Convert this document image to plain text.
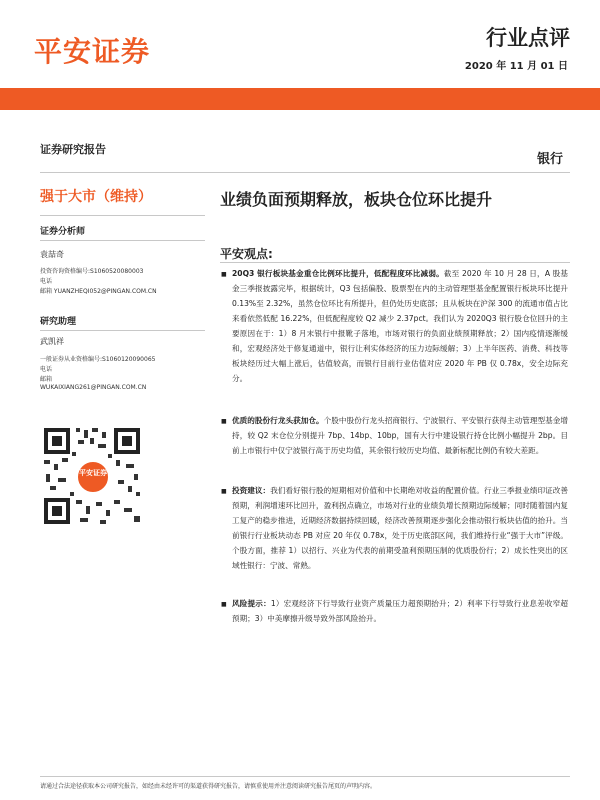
平安证券	行业点评
2020 年 11 月 01 日
证券研究报告
银行
强于大市（维持）	业绩负面预期释放，板块仓位环比提升
证券分析师
袁喆奇
投资咨询资格编号:S1060520080003
电话
邮箱 YUANZHEQI052@PINGAN.COM.CN
研究助理
武凯祥
一般证券从业资格编号:S1060120090065
电话
邮箱
WUKAIXIANG261@PINGAN.COM.CN
平安证券
平安观点:
■ 20Q3 银行板块基金重仓比例环比提升，低配程度环比减弱。截至 2020 年 10 月 28 日，A 股基金三季报披露完毕，根据统计，Q3 包括偏股、股票型在内的主动管理型基金配置银行板块环比提升 0.13%至 2.32%，虽然仓位环比有所提升，但仍处历史底部；且从板块在沪深 300 的流通市值占比来看依然低配 16.22%，但低配程度较 Q2 减少 2.37pct。我们认为 2020Q3 银行股仓位回升的主要原因在于：1）8 月末银行中报靴子落地，市场对银行的负面业绩预期释放；2）国内疫情逐渐缓和，宏观经济处于修复通道中，银行让利实体经济的压力边际缓解；3）上半年医药、消费、科技等板块经历过大幅上涨后，估值较高，而银行目前行业估值对应 2020 年 PB 仅 0.78x，安全边际充分。
■ 优质的股份行龙头获加仓。个股中股份行龙头招商银行、宁波银行、平安银行获得主动管理型基金增持，较 Q2 末仓位分别提升 7bp、14bp、10bp，国有大行中建设银行持仓比例小幅提升 2bp。目前上市银行中仅宁波银行高于历史均值，其余银行较历史均值、最新标配比例仍有较大差距。
■ 投资建议：我们看好银行股的短期相对价值和中长期绝对收益的配置价值。行业三季报业绩印证改善预期，利润增速环比回升，盈利拐点确立，市场对行业的业绩负增长预期边际缓解；同时随着国内复工复产的稳步推进，近期经济数据持续回暖，经济改善预期逐步强化会推动银行板块估值的抬升。当前银行行业板块动态 PB 对应 20 年仅 0.78x，处于历史底部区间，我们维持行业“强于大市”评级。个股方面，推荐 1）以招行、兴业为代表的前期受盈利预期压制的优质股份行；2）成长性突出的区域性银行：宁波、常熟。
■ 风险提示：1）宏观经济下行导致行业资产质量压力超预期抬升；2）利率下行导致行业息差收窄超预期；3）中美摩擦升级导致外部风险抬升。
请通过合法途径获取本公司研究报告，如经由未经许可的渠道获得研究报告，请慎重使用并注意阅读研究报告尾页的声明内容。
